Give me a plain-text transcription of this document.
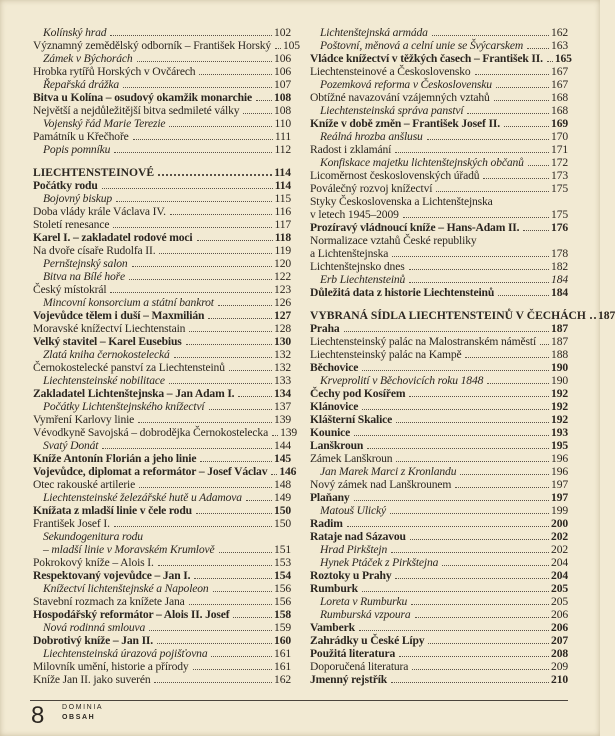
Kolínský hrad	102
Významný zemědělský odborník – František Horský 105
Zámek v Býchorách	106
Hrobka rytířů Horských v Ovčárech	106
Řepařská drážka	107
Bitva u Kolína – osudový okamžik monarchie 108
Největší a nejdůležitější bitva sedmileté války	108
Vojenský řád Marie Terezie	110
Památník u Křečhoře	111
Popis pomníku	112
LIECHTENSTEINOVÉ	114
Počátky rodu	114
Bojovný biskup	115
Doba vlády krále Václava IV.	116
Století renesance	117
Karel I. – zakladatel rodové moci	118
Na dvoře císaře Rudolfa II.	119
Pernštejnský salon	120
Bitva na Bílé hoře	122
Český místokrál	123
Mincovní konsorcium a státní bankrot	126
Vojevůdce tělem i duší – Maxmilián	127
Moravské knížectví Liechtenstain	128
Velký stavitel – Karel Eusebius	130
Zlatá kniha černokostelecká	132
Černokostelecké panství za Liechtensteinů	132
Liechtensteinské nobilitace	133
Zakladatel Lichtenštejnska – Jan Adam I.	134
Počátky Lichtenštejnského knížectví	137
Vymření Karlovy linie	139
Vévodkyně Savojská – dobrodějka Černokostelecka 139
Svatý Donát	144
Kníže Antonín Florián a jeho linie	145
Vojevůdce, diplomat a reformátor – Josef Václav 146
Otec rakouské artilerie	148
Liechtensteinské železářské hutě u Adamova	149
Knížata z mladší linie v čele rodu	150
František Josef I.	150
Sekundogenitura rodu
– mladší linie v Moravském Krumlově	151
Pokrokový kníže – Alois I.	153
Respektovaný vojevůdce – Jan I.	154
Knížectví lichtenštejnské a Napoleon	156
Stavební rozmach za knížete Jana	156
Hospodářský reformátor – Alois II. Josef	158
Nová rodinná smlouva	159
Dobrotivý kníže – Jan II.	160
Liechtensteinská úrazová pojišťovna	161
Milovník umění, historie a přírody	161
Kníže Jan II. jako suverén	162
Lichtenštejnská armáda	162
Poštovní, měnová a celní unie se Švýcarskem 163
Vládce knížectví v těžkých časech – František II. 165
Liechtensteinové a Československo	167
Pozemková reforma v Československu	167
Obtížné navazování vzájemných vztahů	168
Liechtensteinská správa panství	168
Kníže v době změn – František Josef II.	169
Reálná hrozba anšlusu	170
Radost i zklamání	171
Konfiskace majetku lichtenštejnských občanů 172
Licoměrnost československých úřadů	173
Poválečný rozvoj knížectví	175
Styky Československa a Lichtenštejnska
v letech 1945–2009	175
Prozíravý vládnoucí kníže – Hans-Adam II.	176
Normalizace vztahů České republiky
a Lichtenštejnska	178
Lichtenštejnsko dnes	182
Erb Liechtensteinů	184
Důležitá data z historie Liechtensteinů	184
VYBRANÁ SÍDLA LIECHTENSTEINŮ V ČECHÁCH 187
Praha	187
Liechtensteinský palác na Malostranském náměstí 187
Liechtensteinský palác na Kampě	188
Běchovice	190
Krveprolití v Běchovicích roku 1848	190
Čechy pod Kosířem	192
Klánovice	192
Klášterní Skalice	192
Kounice	193
Lanškroun	195
Zámek Lanškroun	196
Jan Marek Marci z Kronlandu	196
Nový zámek nad Lanškrounem	197
Plaňany	197
Matouš Ulický	199
Radim	200
Rataje nad Sázavou	202
Hrad Pirkštejn	202
Hynek Ptáček z Pirkštejna	204
Roztoky u Prahy	204
Rumburk	205
Loreta v Rumburku	205
Rumburská vzpoura	206
Vamberk	206
Zahrádky u České Lípy	207
Použitá literatura	208
Doporučená literatura	209
Jmenný rejstřík	210
8	DOMINIA
OBSAH
